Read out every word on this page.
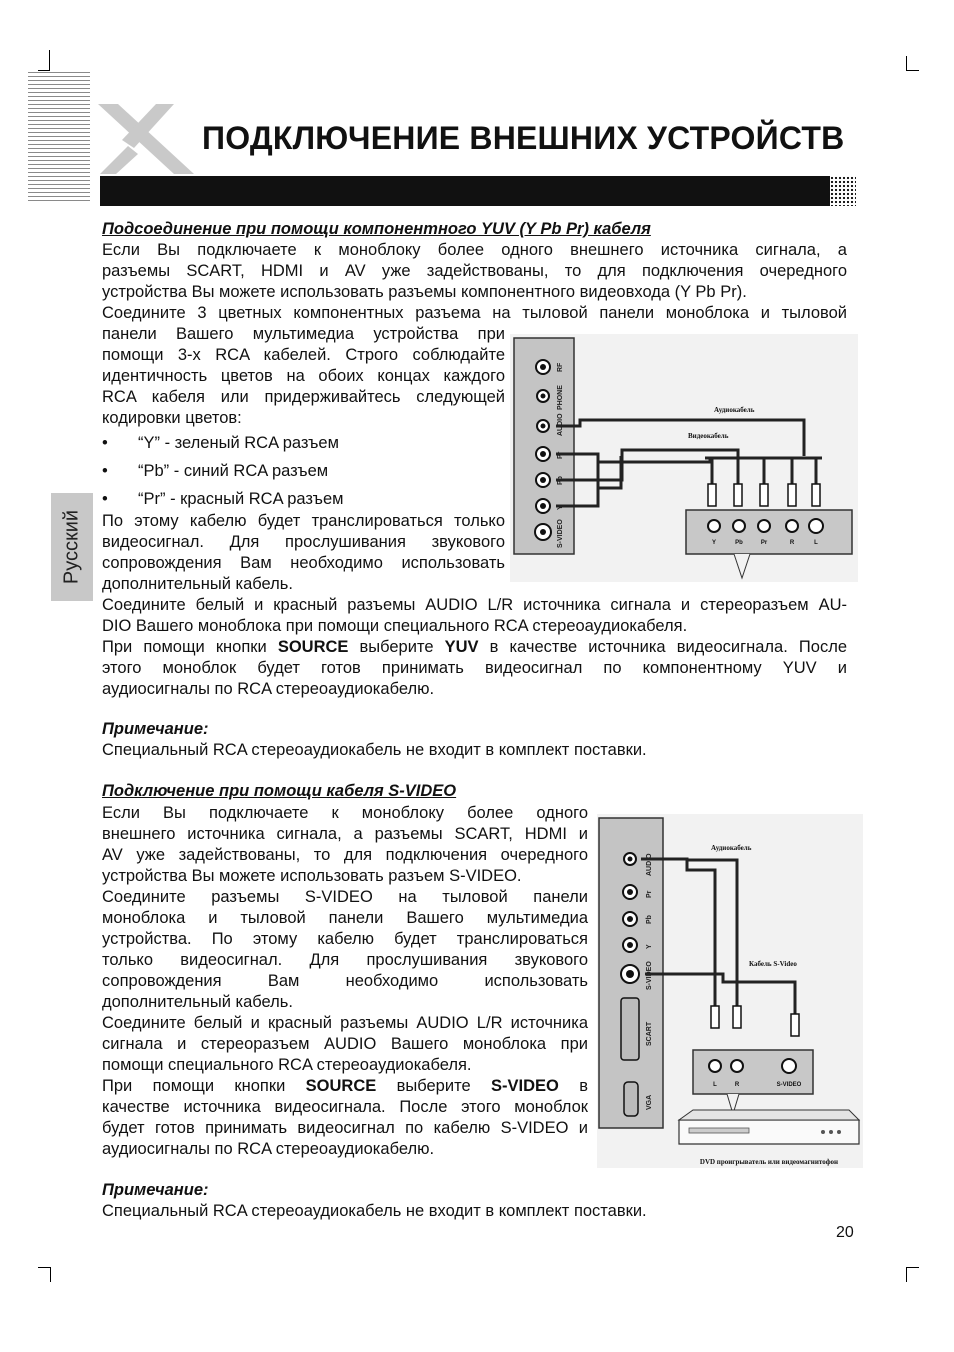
ПОДКЛЮЧЕНИЕ ВНЕШНИХ УСТРОЙСТВ
Русский
Подсоединение при помощи компонентного YUV (Y Pb Pr) кабеля
Если Вы подключаете к моноблоку более одного внешнего источника сигнала, а
разъемы SCART, HDMI и AV уже задействованы, то для подключения очередного
устройства Вы можете использовать разъемы компонентного видеовхода (Y Pb Pr).
Соедините 3 цветных компонентных разъема на тыловой панели моноблока и тыловой
панели Вашего мультимедиа устройства при
помощи 3-х RCA кабелей. Строго соблюдайте
идентичность цветов на обоих концах каждого
RCA кабеля или придерживайтесь следующей
кодировки цветов:
• “Y” - зеленый RCA разъем
• “Pb” - синий RCA разъем
• “Pr” - красный RCA разъем
По этому кабелю будет транслироваться только
видеосигнал. Для прослушивания звукового
сопровождения Вам необходимо использовать
дополнительный кабель.
Соедините белый и красный разъемы AUDIO L/R источника сигнала и стереоразъем AU-
DIO Вашего моноблока при помощи специального RCA стереоаудиокабеля.
При помощи кнопки SOURCE выберите YUV в качестве источника видеосигнала. После
этого моноблок будет готов принимать видеосигнал по компонентному YUV и
аудиосигналы по RCA стереоаудиокабелю.
Примечание:
Специальный RCA стереоаудиокабель не входит в комплект поставки.
RF
PHONE
AUDIO
Pr
Pb
Y
S-VIDEO
Аудиокабель
Видеокабель
Y	Pb	Pr	R	L
Подключение при помощи кабеля S-VIDEO
Если Вы подключаете к моноблоку более одного
внешнего источника сигнала, а разъемы SCART, HDMI и
AV уже задействованы, то для подключения очередного
устройства Вы можете использовать разъем S-VIDEO.
Соедините разъемы S-VIDEO на тыловой панели
моноблока и тыловой панели Вашего мультимедиа
устройства. По этому кабелю будет транслироваться
только видеосигнал. Для прослушивания звукового
сопровождения Вам необходимо использовать
дополнительный кабель.
Соедините белый и красный разъемы AUDIO L/R источника
сигнала и стереоразъем AUDIO Вашего моноблока при
помощи специального RCA стереоаудиокабеля.
При помощи кнопки SOURCE выберите S-VIDEO в
качестве источника видеосигнала. После этого моноблок
будет готов принимать видеосигнал по кабелю S-VIDEO и
аудиосигналы по RCA стереоаудиокабелю.
AUDIO
Pr
Pb
Y
S-VIDEO
SCART
VGA
Аудиокабель
Кабель S-Video
L	R	S-VIDEO
DVD проигрыватель или видеомагнитофон
Примечание:
Специальный RCA стереоаудиокабель не входит в комплект поставки.
20
